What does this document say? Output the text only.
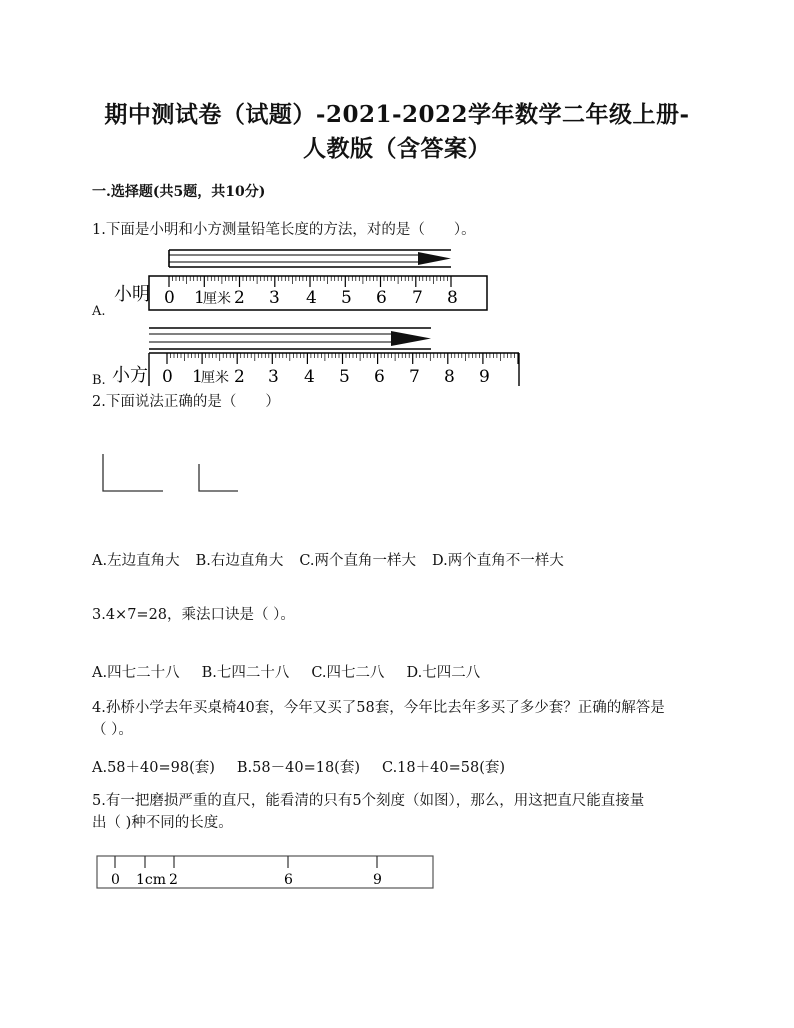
期中测试卷（试题）-2021-2022学年数学二年级上册-
人教版（含答案）
一.选择题(共5题，共10分)
1.下面是小明和小方测量铅笔长度的方法，对的是（　　）。
A.
B.
小明 0 1
厘米 2 3 4 5 6 7 8
小方 0 1
厘米 2 3 4 5 6 7 8 9
2.下面说法正确的是（　　）
A.左边直角大 B.右边直角大 C.两个直角一样大 D.两个直角不一样大
3.4×7=28，乘法口诀是（ ）。
A.四七二十八 B.七四二十八 C.四七二八 D.七四二八
4.孙桥小学去年买桌椅40套，今年又买了58套，今年比去年多买了多少套？正确的解答是
（ ）。
A.58＋40=98(套) B.58－40=18(套) C.18＋40=58(套)
5.有一把磨损严重的直尺，能看清的只有5个刻度（如图），那么，用这把直尺能直接量
出（ )种不同的长度。
0 1cm 2	6	9
